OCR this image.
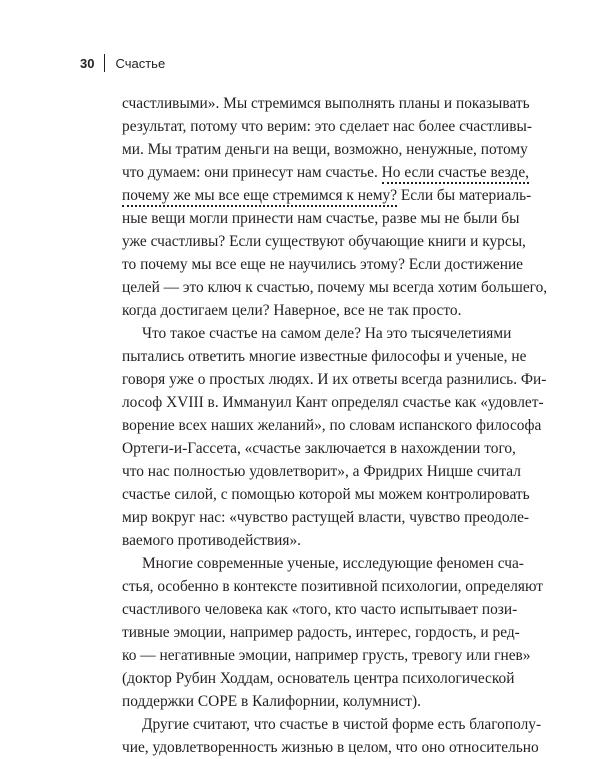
30 Счастье
счастливыми». Мы стремимся выполнять планы и показывать
результат, потому что верим: это сделает нас более счастливы-
ми. Мы тратим деньги на вещи, возможно, ненужные, потому
что думаем: они принесут нам счастье. Но если счастье везде,
почему же мы все еще стремимся к нему? Если бы материаль-
ные вещи могли принести нам счастье, разве мы не были бы
уже счастливы? Если существуют обучающие книги и курсы,
то почему мы все еще не научились этому? Если достижение
целей — это ключ к счастью, почему мы всегда хотим большего,
когда достигаем цели? Наверное, все не так просто.
Что такое счастье на самом деле? На это тысячелетиями
пытались ответить многие известные философы и ученые, не
говоря уже о простых людях. И их ответы всегда разнились. Фи-
лософ XVIII в. Иммануил Кант определял счастье как «удовлет-
ворение всех наших желаний», по словам испанского философа
Ортеги-и-Гассета, «счастье заключается в нахождении того,
что нас полностью удовлетворит», а Фридрих Ницше считал
счастье силой, с помощью которой мы можем контролировать
мир вокруг нас: «чувство растущей власти, чувство преодоле-
ваемого противодействия».
Многие современные ученые, исследующие феномен сча-
стья, особенно в контексте позитивной психологии, определяют
счастливого человека как «того, кто часто испытывает пози-
тивные эмоции, например радость, интерес, гордость, и ред-
ко — негативные эмоции, например грусть, тревогу или гнев»
(доктор Рубин Ходдам, основатель центра психологической
поддержки COPE в Калифорнии, колумнист).
Другие считают, что счастье в чистой форме есть благополу-
чие, удовлетворенность жизнью в целом, что оно относительно
